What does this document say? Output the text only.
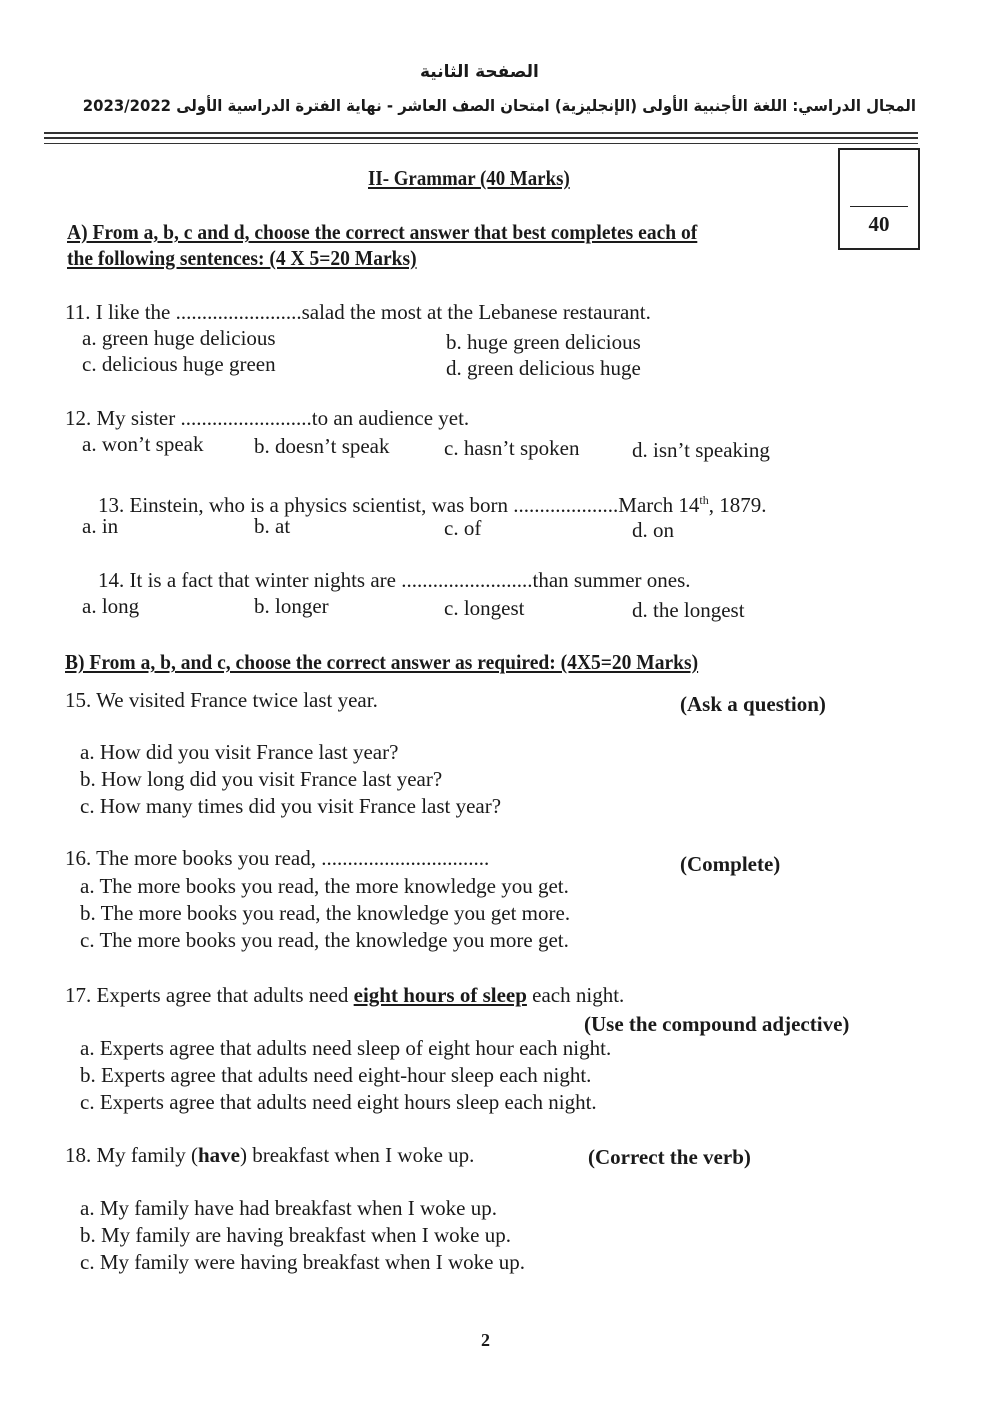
الصفحة الثانية
المجال الدراسي: اللغة الأجنبية الأولى (الإنجليزية) امتحان الصف العاشر - نهاية الفترة الدراسية الأولى 2023/2022
40
II- Grammar (40 Marks)
A) From a, b, c and d, choose the correct answer that best completes each of
the following sentences: (4 X 5=20 Marks)
11. I like the ........................salad the most at the Lebanese restaurant.
a. green huge delicious	b. huge green delicious
c. delicious huge green	d. green delicious huge
12. My sister .........................to an audience yet.
a. won’t speak b. doesn’t speak	c. hasn’t spoken d. isn’t speaking
13. Einstein, who is a physics scientist, was born ....................March 14th, 1879.
a. in	b. at	c. of	d. on
14. It is a fact that winter nights are .........................than summer ones.
a. long	b. longer	c. longest	d. the longest
B) From a, b, and c, choose the correct answer as required: (4X5=20 Marks)
15. We visited France twice last year.	(Ask a question)
a. How did you visit France last year?
b. How long did you visit France last year?
c. How many times did you visit France last year?
16. The more books you read, ................................	(Complete)
a. The more books you read, the more knowledge you get.
b. The more books you read, the knowledge you get more.
c. The more books you read, the knowledge you more get.
17. Experts agree that adults need eight hours of sleep each night.
(Use the compound adjective)
a. Experts agree that adults need sleep of eight hour each night.
b. Experts agree that adults need eight-hour sleep each night.
c. Experts agree that adults need eight hours sleep each night.
18. My family (have) breakfast when I woke up.	(Correct the verb)
a. My family have had breakfast when I woke up.
b. My family are having breakfast when I woke up.
c. My family were having breakfast when I woke up.
2
